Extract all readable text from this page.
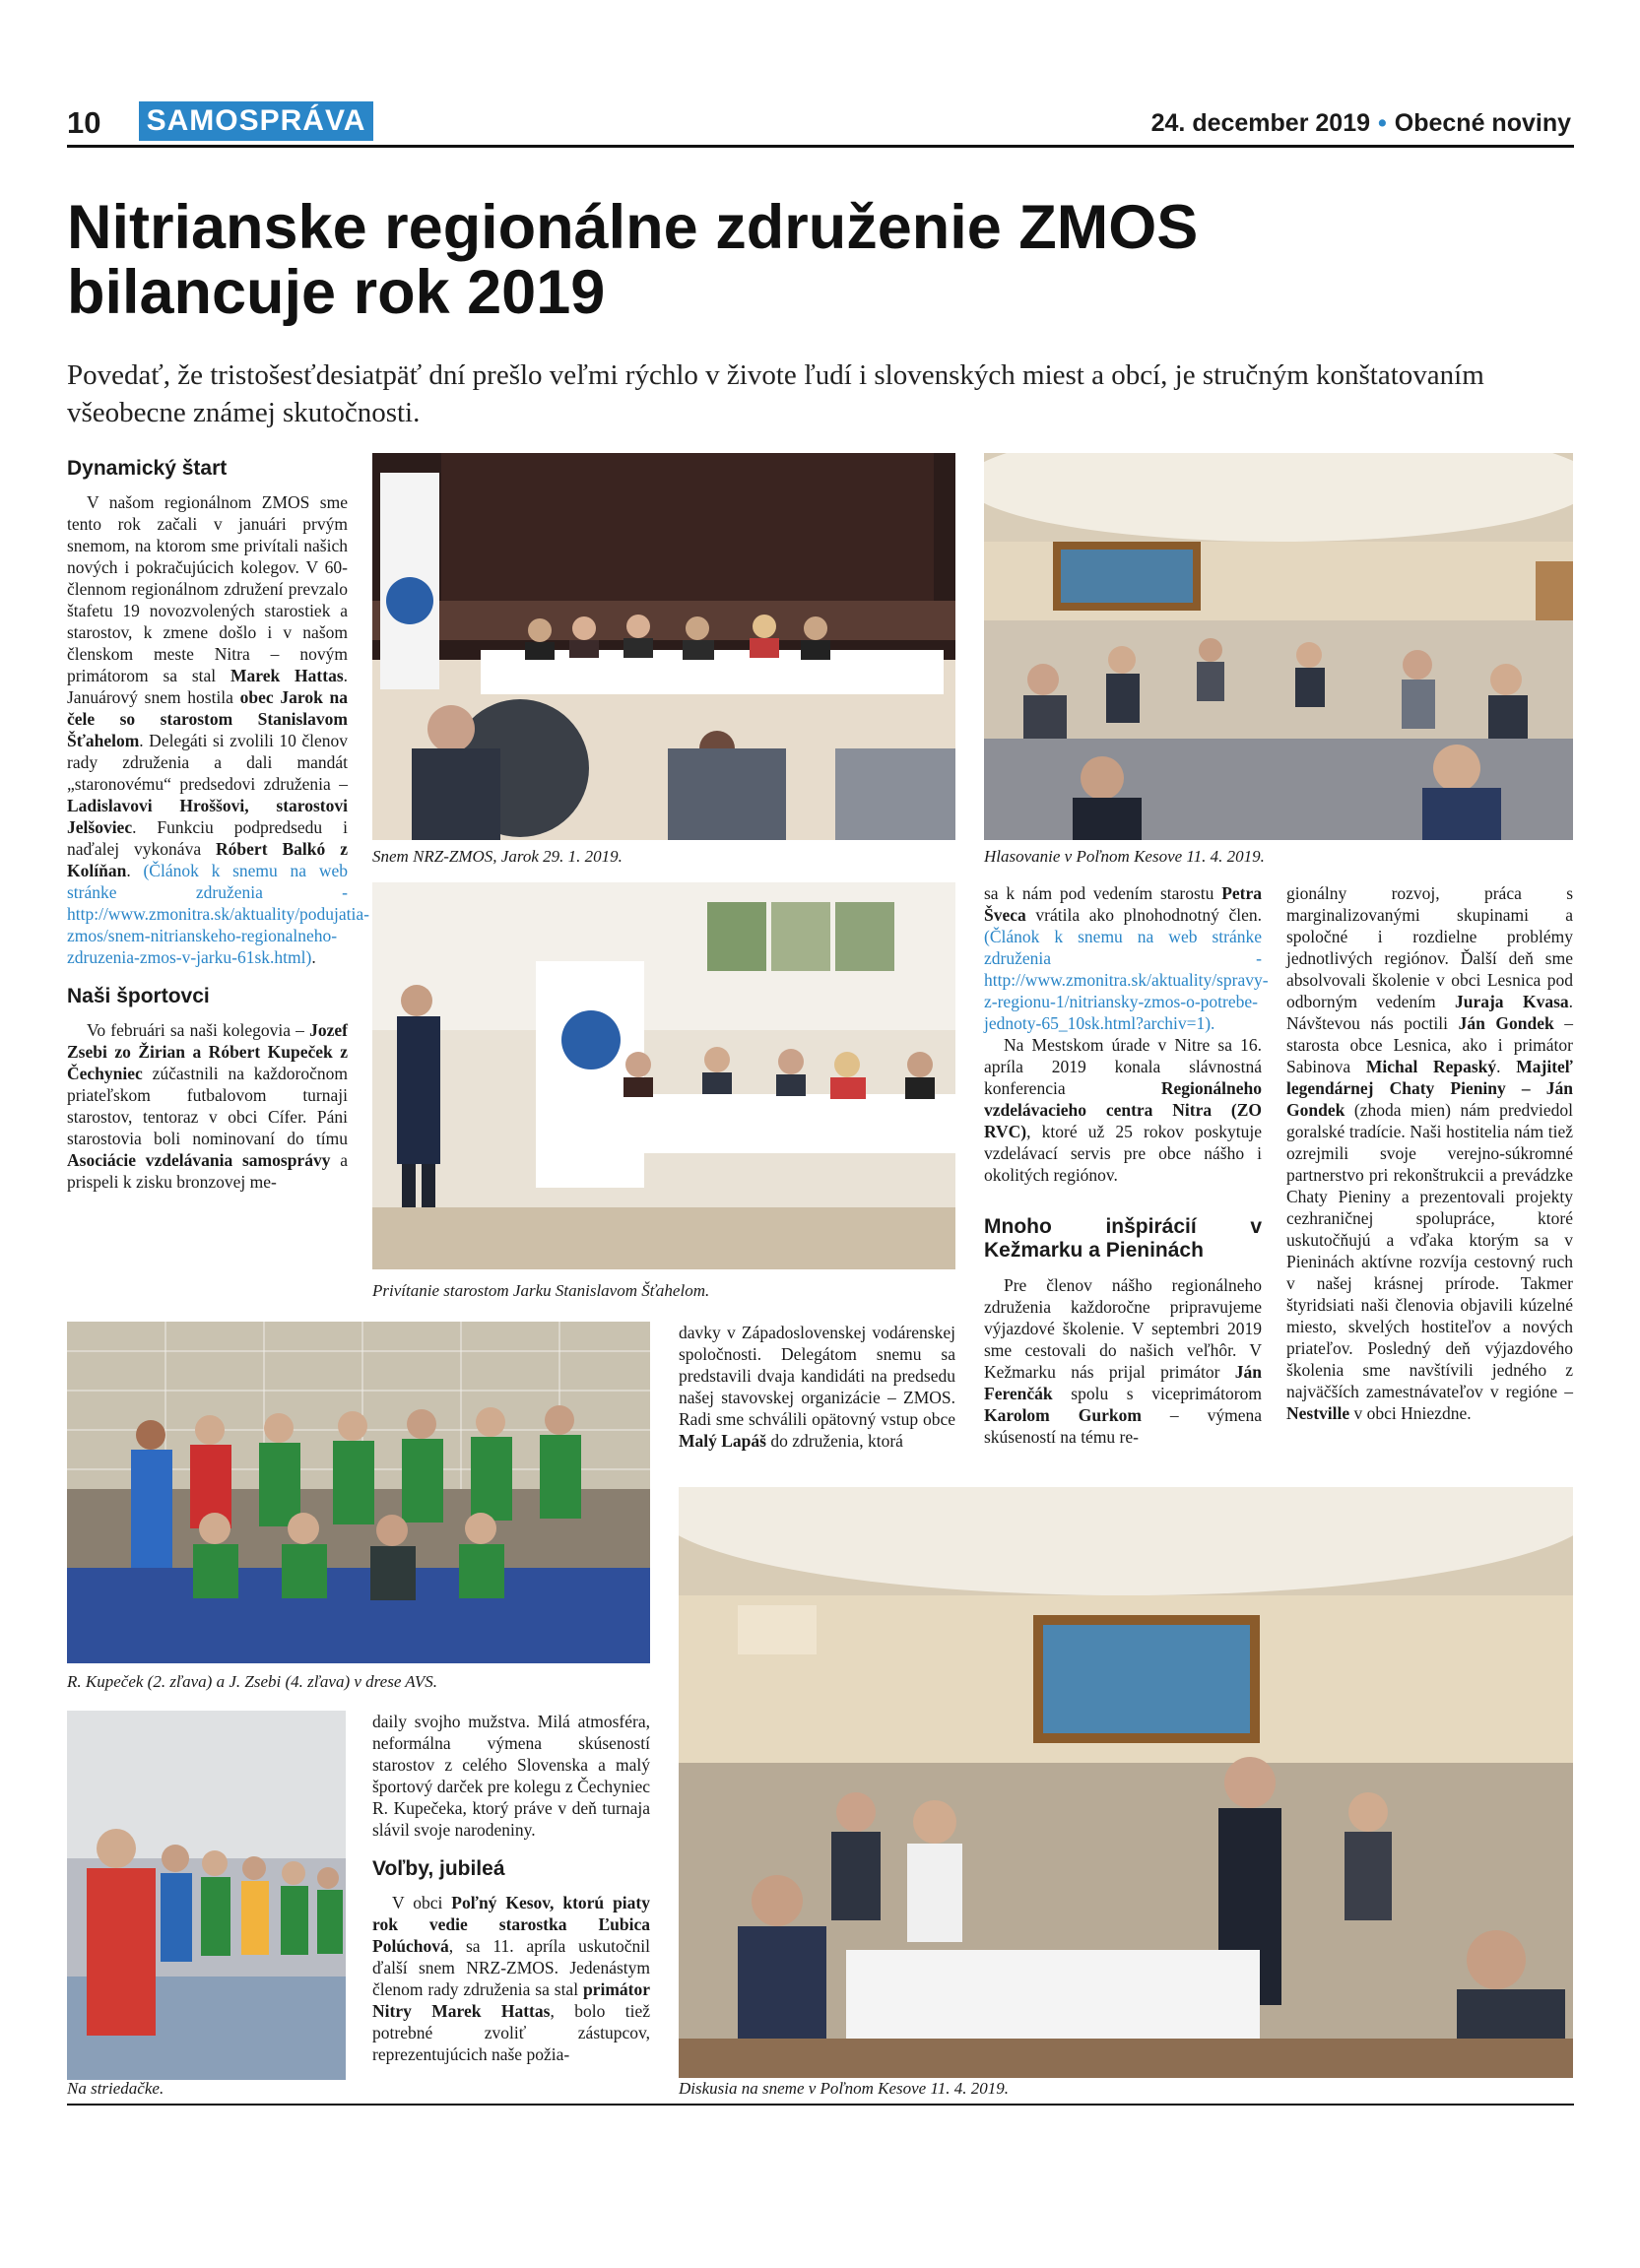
10 SAMOSPRÁVA	24. december 2019 • Obecné noviny
Nitrianske regionálne združenie ZMOS
bilancuje rok 2019
Povedať, že tristošesťdesiatpäť dní prešlo veľmi rýchlo v živote ľudí i slovenských miest a obcí, je stručným konštatovaním všeobecne známej skutočnosti.
Dynamický štart

V našom regionálnom ZMOS sme tento rok začali v januári prvým snemom, na ktorom sme privítali našich nových i pokračujúcich kolegov. V 60-člennom regionálnom združení prevzalo štafetu 19 novozvolených starostiek a starostov, k zmene došlo i v našom členskom meste Nitra – novým primátorom sa stal Marek Hattas. Januárový snem hostila obec Jarok na čele so starostom Stanislavom Šťahelom. Delegáti si zvolili 10 členov rady združenia a dali mandát „staronovému“ predsedovi združenia – Ladislavovi Hroššovi, starostovi Jelšoviec. Funkciu podpredsedu i naďalej vykonáva Róbert Balkó z Kolíňan. (Článok k snemu na web stránke združenia - http://www.zmonitra.sk/aktuality/podujatia-zmos/snem-nitrianskeho-regionalneho-zdruzenia-zmos-v-jarku-61sk.html).

Naši športovci

Vo februári sa naši kolegovia – Jozef Zsebi zo Žirian a Róbert Kupeček z Čechyniec zúčastnili na každoročnom priateľskom futbalovom turnaji starostov, tentoraz v obci Cífer. Páni starostovia boli nominovaní do tímu Asociácie vzdelávania samosprávy a prispeli k zisku bronzovej me-

Snem NRZ-ZMOS, Jarok 29. 1. 2019.	Hlasovanie v Poľnom Kesove 11. 4. 2019.
Privítanie starostom Jarku Stanislavom Šťahelom.

sa k nám pod vedením starostu Petra Šveca vrátila ako plnohodnotný člen. (Článok k snemu na web stránke združenia - http://www.zmonitra.sk/aktuality/spravy-z-regionu-1/nitriansky-zmos-o-potrebe-jednoty-65_10sk.html?archiv=1).

Na Mestskom úrade v Nitre sa 16. apríla 2019 konala slávnostná konferencia Regionálneho vzdelávacieho centra Nitra (ZO RVC), ktoré už 25 rokov poskytuje vzdelávací servis pre obce nášho i okolitých regiónov.

Mnoho inšpirácií v Kežmarku a Pieninách

Pre členov nášho regionálneho združenia každoročne pripravujeme výjazdové školenie. V septembri 2019 sme cestovali do našich veľhôr. V Kežmarku nás prijal primátor Ján Ferenčák spolu s viceprimátorom Karolom Gurkom – výmena skúseností na tému re-

gionálny rozvoj, práca s marginalizovanými skupinami a spoločné i rozdielne problémy jednotlivých regiónov. Ďalší deň sme absolvovali školenie v obci Lesnica pod odborným vedením Juraja Kvasa. Návštevou nás poctili Ján Gondek – starosta obce Lesnica, ako i primátor Sabinova Michal Repaský. Majiteľ legendárnej Chaty Pieniny – Ján Gondek (zhoda mien) nám predviedol goralské tradície. Naši hostitelia nám tiež ozrejmili svoje verejno-súkromné partnerstvo pri rekonštrukcii a prevádzke Chaty Pieniny a prezentovali projekty cezhraničnej spolupráce, ktoré uskutočňujú a vďaka ktorým sa v Pieninách aktívne rozvíja cestovný ruch v našej krásnej prírode. Takmer štyridsiati naši členovia objavili kúzelné miesto, skvelých hostiteľov a nových priateľov. Posledný deň výjazdového školenia sme navštívili jedného z najväčších zamestnávateľov v regióne – Nestville v obci Hniezdne.

R. Kupeček (2. zľava) a J. Zsebi (4. zľava) v drese AVS.

davky v Západoslovenskej vodárenskej spoločnosti. Delegátom snemu sa predstavili dvaja kandidáti na predsedu našej stavovskej organizácie – ZMOS. Radi sme schválili opätovný vstup obce Malý Lapáš do združenia, ktorá

Na striedačke.

daily svojho mužstva. Milá atmosféra, neformálna výmena skúseností starostov z celého Slovenska a malý športový darček pre kolegu z Čechyniec R. Kupečeka, ktorý práve v deň turnaja slávil svoje narodeniny.

Voľby, jubileá

V obci Poľný Kesov, ktorú piaty rok vedie starostka Ľubica Polúchová, sa 11. apríla uskutočnil ďalší snem NRZ-ZMOS. Jedenástym členom rady združenia sa stal primátor Nitry Marek Hattas, bolo tiež potrebné zvoliť zástupcov, reprezentujúcich naše požia-

Diskusia na sneme v Poľnom Kesove 11. 4. 2019.
